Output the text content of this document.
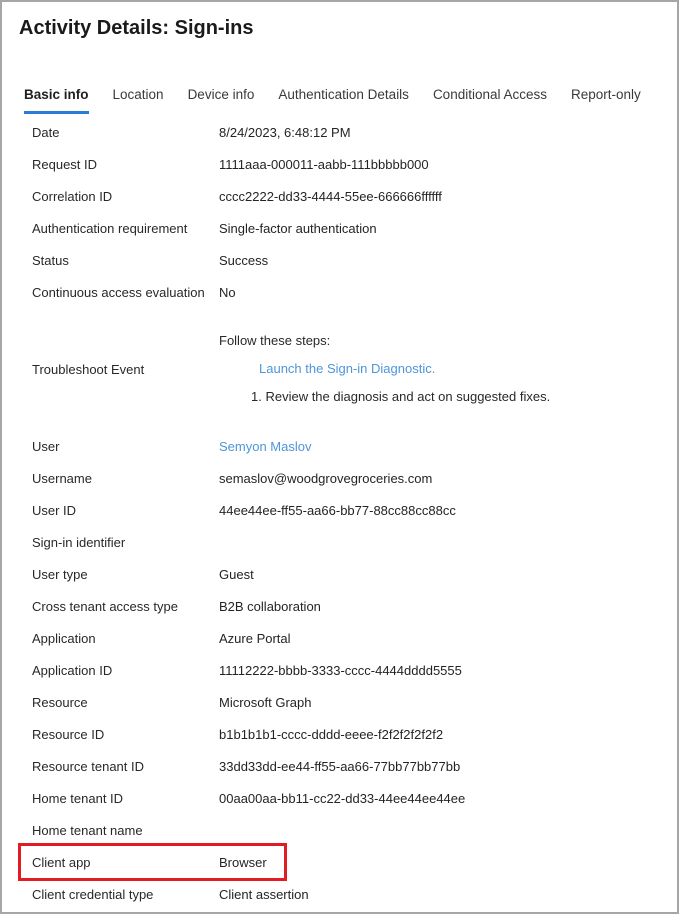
Activity Details: Sign-ins
Basic info Location Device info Authentication Details Conditional Access Report-only
Date	8/24/2023, 6:48:12 PM
Request ID	1111aaa-000011-aabb-111bbbbb000
Correlation ID	cccc2222-dd33-4444-55ee-666666ffffff
Authentication requirement	Single-factor authentication
Status	Success
Continuous access evaluation	No
Troubleshoot Event
Follow these steps:
Launch the Sign-in Diagnostic.
1. Review the diagnosis and act on suggested fixes.
User	Semyon Maslov
Username	semaslov@woodgrovegroceries.com
User ID	44ee44ee-ff55-aa66-bb77-88cc88cc88cc
Sign-in identifier
User type	Guest
Cross tenant access type	B2B collaboration
Application	Azure Portal
Application ID	11112222-bbbb-3333-cccc-4444dddd5555
Resource	Microsoft Graph
Resource ID	b1b1b1b1-cccc-dddd-eeee-f2f2f2f2f2f2
Resource tenant ID	33dd33dd-ee44-ff55-aa66-77bb77bb77bb
Home tenant ID	00aa00aa-bb11-cc22-dd33-44ee44ee44ee
Home tenant name
Client app	Browser
Client credential type	Client assertion
